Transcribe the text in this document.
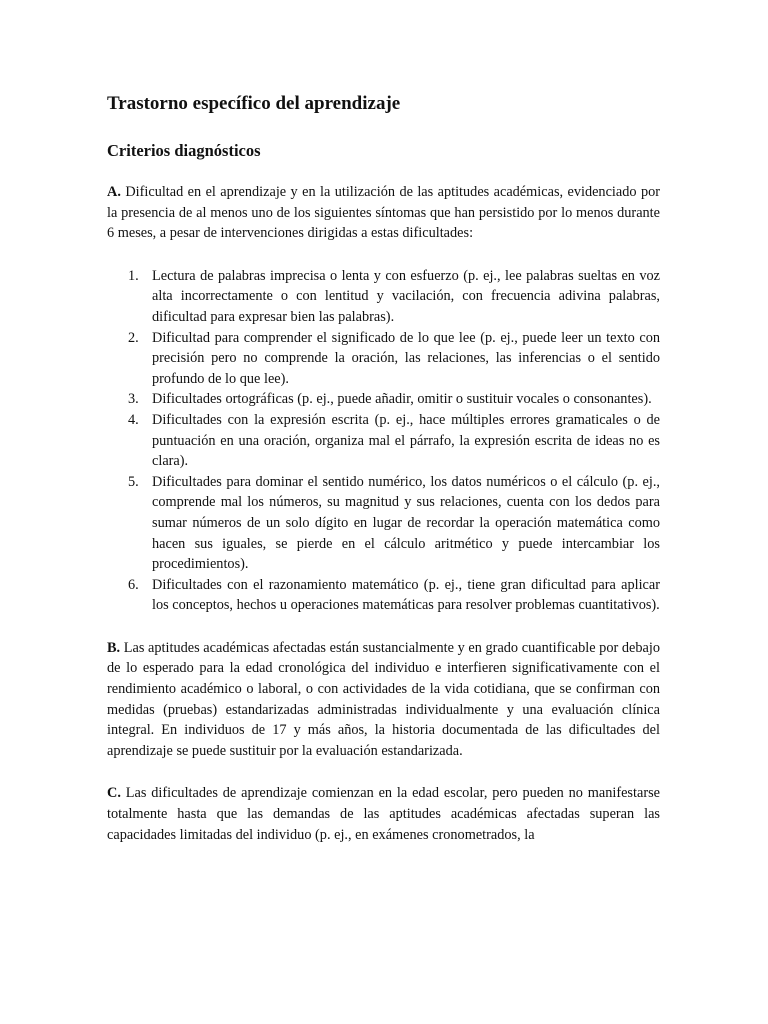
Trastorno específico del aprendizaje
Criterios diagnósticos

A. Dificultad en el aprendizaje y en la utilización de las aptitudes académicas, evidenciado por la presencia de al menos uno de los siguientes síntomas que han persistido por lo menos durante 6 meses, a pesar de intervenciones dirigidas a estas dificultades:

1. Lectura de palabras imprecisa o lenta y con esfuerzo (p. ej., lee palabras sueltas en voz alta incorrectamente o con lentitud y vacilación, con frecuencia adivina palabras, dificultad para expresar bien las palabras).
2. Dificultad para comprender el significado de lo que lee (p. ej., puede leer un texto con precisión pero no comprende la oración, las relaciones, las inferencias o el sentido profundo de lo que lee).
3. Dificultades ortográficas (p. ej., puede añadir, omitir o sustituir vocales o consonantes).
4. Dificultades con la expresión escrita (p. ej., hace múltiples errores gramaticales o de puntuación en una oración, organiza mal el párrafo, la expresión escrita de ideas no es clara).
5. Dificultades para dominar el sentido numérico, los datos numéricos o el cálculo (p. ej., comprende mal los números, su magnitud y sus relaciones, cuenta con los dedos para sumar números de un solo dígito en lugar de recordar la operación matemática como hacen sus iguales, se pierde en el cálculo aritmético y puede intercambiar los procedimientos).
6. Dificultades con el razonamiento matemático (p. ej., tiene gran dificultad para aplicar los conceptos, hechos u operaciones matemáticas para resolver problemas cuantitativos).

B. Las aptitudes académicas afectadas están sustancialmente y en grado cuantificable por debajo de lo esperado para la edad cronológica del individuo e interfieren significativamente con el rendimiento académico o laboral, o con actividades de la vida cotidiana, que se confirman con medidas (pruebas) estandarizadas administradas individualmente y una evaluación clínica integral. En individuos de 17 y más años, la historia documentada de las dificultades del aprendizaje se puede sustituir por la evaluación estandarizada.

C. Las dificultades de aprendizaje comienzan en la edad escolar, pero pueden no manifestarse totalmente hasta que las demandas de las aptitudes académicas afectadas superan las capacidades limitadas del individuo (p. ej., en exámenes cronometrados, la
